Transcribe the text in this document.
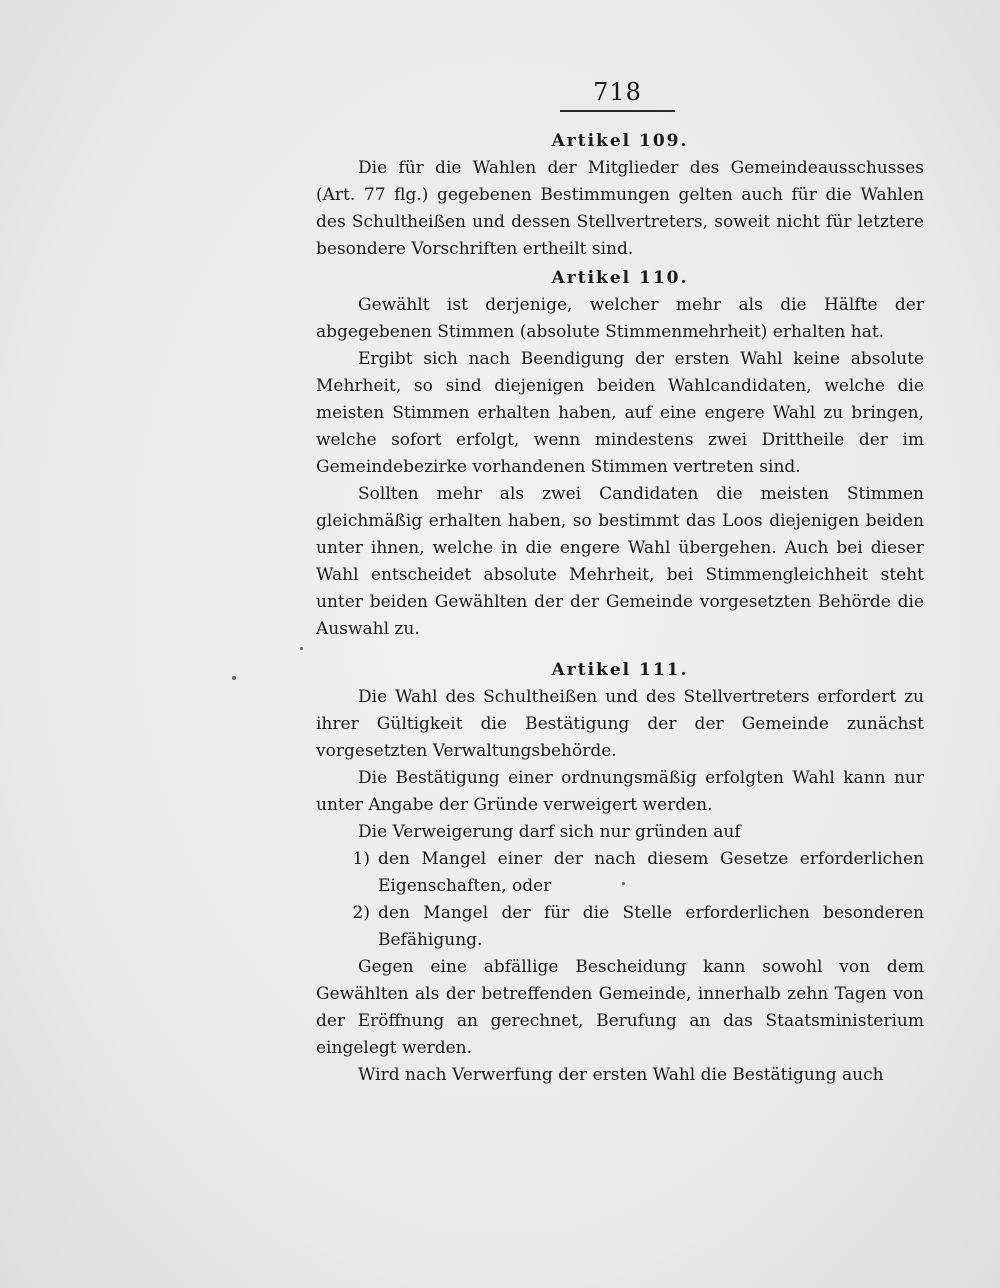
718
Artikel 109.

Die für die Wahlen der Mitglieder des Gemeindeausschusses (Art. 77 flg.) gegebenen Bestimmungen gelten auch für die Wahlen des Schultheißen und dessen Stellvertreters, soweit nicht für letztere besondere Vorschriften ertheilt sind.

Artikel 110.

Gewählt ist derjenige, welcher mehr als die Hälfte der abgegebenen Stimmen (absolute Stimmenmehrheit) erhalten hat.

Ergibt sich nach Beendigung der ersten Wahl keine absolute Mehrheit, so sind diejenigen beiden Wahlcandidaten, welche die meisten Stimmen erhalten haben, auf eine engere Wahl zu bringen, welche sofort erfolgt, wenn mindestens zwei Drittheile der im Gemeindebezirke vorhandenen Stimmen vertreten sind.

Sollten mehr als zwei Candidaten die meisten Stimmen gleichmäßig erhalten haben, so bestimmt das Loos diejenigen beiden unter ihnen, welche in die engere Wahl übergehen. Auch bei dieser Wahl entscheidet absolute Mehrheit, bei Stimmengleichheit steht unter beiden Gewählten der der Gemeinde vorgesetzten Behörde die Auswahl zu.

Artikel 111.

Die Wahl des Schultheißen und des Stellvertreters erfordert zu ihrer Gültigkeit die Bestätigung der der Gemeinde zunächst vorgesetzten Verwaltungsbehörde.

Die Bestätigung einer ordnungsmäßig erfolgten Wahl kann nur unter Angabe der Gründe verweigert werden.

Die Verweigerung darf sich nur gründen auf

1) den Mangel einer der nach diesem Gesetze erforderlichen Eigenschaften, oder
2) den Mangel der für die Stelle erforderlichen besonderen Befähigung.

Gegen eine abfällige Bescheidung kann sowohl von dem Gewählten als der betreffenden Gemeinde, innerhalb zehn Tagen von der Eröffnung an gerechnet, Berufung an das Staatsministerium eingelegt werden.

Wird nach Verwerfung der ersten Wahl die Bestätigung auch
